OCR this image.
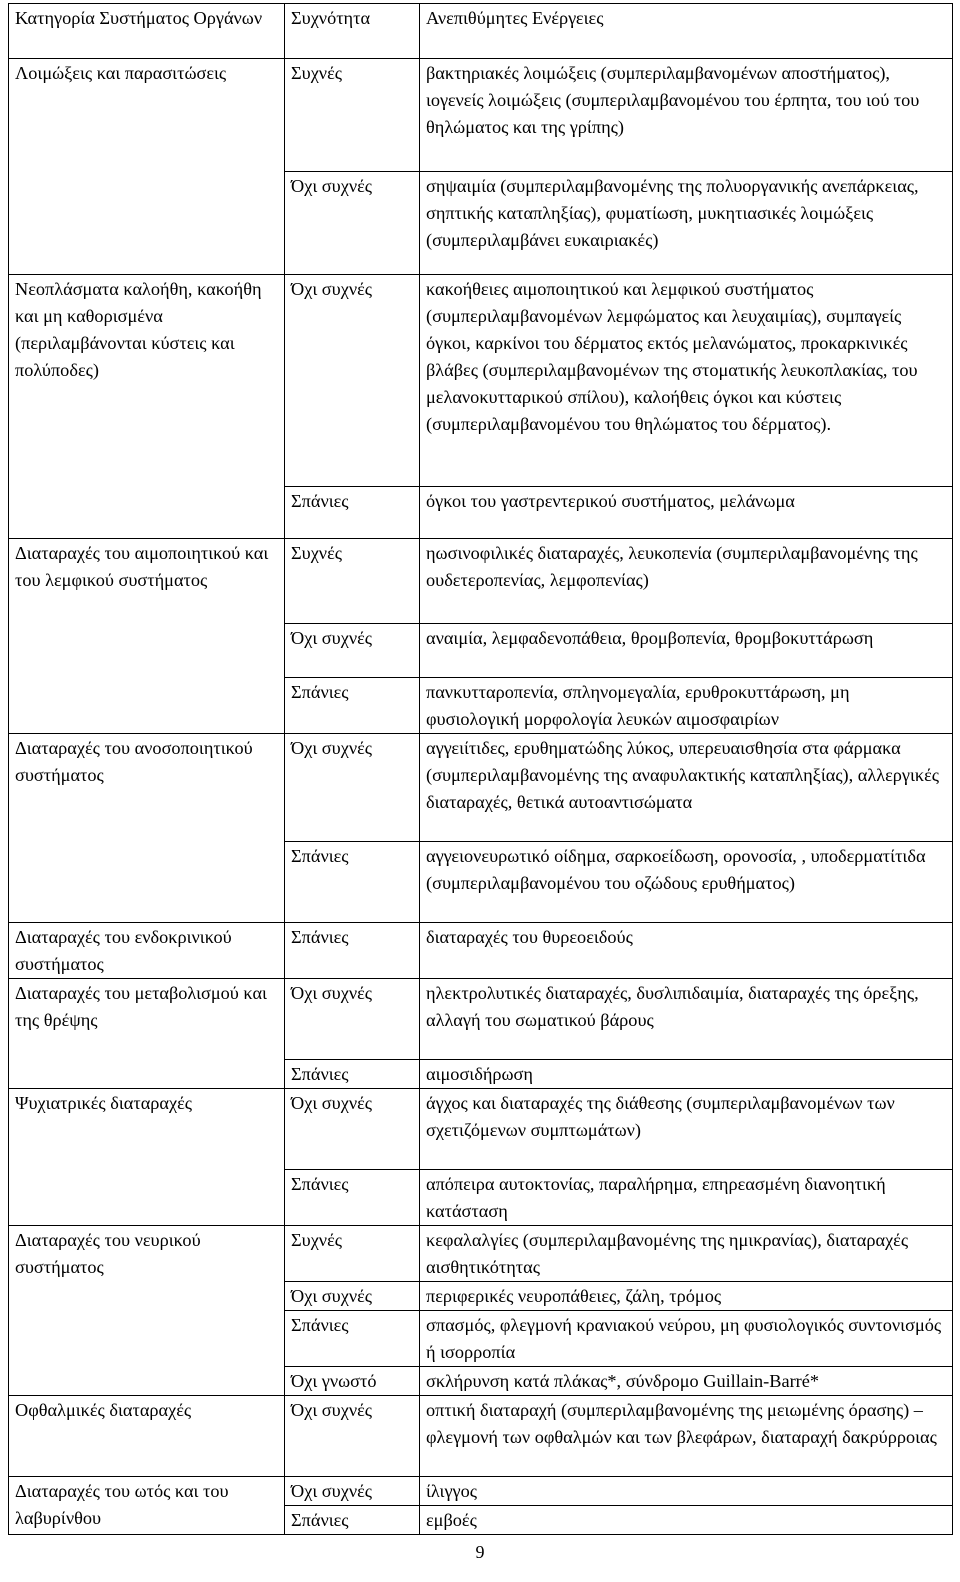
Κατηγορία Συστήματος Οργάνων	Συχνότητα	Ανεπιθύμητες Ενέργειες
Λοιμώξεις και παρασιτώσεις	Συχνές	βακτηριακές λοιμώξεις (συμπεριλαμβανομένων αποστήματος), ιογενείς λοιμώξεις (συμπεριλαμβανομένου του έρπητα, του ιού του θηλώματος και της γρίπης)
	Όχι συχνές	σηψαιμία (συμπεριλαμβανομένης της πολυοργανικής ανεπάρκειας, σηπτικής καταπληξίας), φυματίωση, μυκητιασικές λοιμώξεις (συμπεριλαμβάνει ευκαιριακές)
Νεοπλάσματα καλοήθη, κακοήθη και μη καθορισμένα (περιλαμβάνονται κύστεις και πολύποδες)	Όχι συχνές	κακοήθειες αιμοποιητικού και λεμφικού συστήματος (συμπεριλαμβανομένων λεμφώματος και λευχαιμίας), συμπαγείς όγκοι, καρκίνοι του δέρματος εκτός μελανώματος, προκαρκινικές βλάβες (συμπεριλαμβανομένων της στοματικής λευκοπλακίας, του μελανοκυτταρικού σπίλου), καλοήθεις όγκοι και κύστεις (συμπεριλαμβανομένου του θηλώματος του δέρματος).
	Σπάνιες	όγκοι του γαστρεντερικού συστήματος, μελάνωμα
Διαταραχές του αιμοποιητικού και του λεμφικού συστήματος	Συχνές	ηωσινοφιλικές διαταραχές, λευκοπενία (συμπεριλαμβανομένης της ουδετεροπενίας, λεμφοπενίας)
	Όχι συχνές	αναιμία, λεμφαδενοπάθεια, θρομβοπενία, θρομβοκυττάρωση
	Σπάνιες	πανκυτταροπενία, σπληνομεγαλία, ερυθροκυττάρωση, μη φυσιολογική μορφολογία λευκών αιμοσφαιρίων
Διαταραχές του ανοσοποιητικού συστήματος	Όχι συχνές	αγγειίτιδες, ερυθηματώδης λύκος, υπερευαισθησία στα φάρμακα (συμπεριλαμβανομένης της αναφυλακτικής καταπληξίας), αλλεργικές διαταραχές, θετικά αυτοαντισώματα
	Σπάνιες	αγγειονευρωτικό οίδημα, σαρκοείδωση, ορονοσία, , υποδερματίτιδα (συμπεριλαμβανομένου του οζώδους ερυθήματος)
Διαταραχές του ενδοκρινικού συστήματος	Σπάνιες	διαταραχές του θυρεοειδούς
Διαταραχές του μεταβολισμού και της θρέψης	Όχι συχνές	ηλεκτρολυτικές διαταραχές, δυσλιπιδαιμία, διαταραχές της όρεξης, αλλαγή του σωματικού βάρους
	Σπάνιες	αιμοσιδήρωση
Ψυχιατρικές διαταραχές	Όχι συχνές	άγχος και διαταραχές της διάθεσης (συμπεριλαμβανομένων των σχετιζόμενων συμπτωμάτων)
	Σπάνιες	απόπειρα αυτοκτονίας, παραλήρημα, επηρεασμένη διανοητική κατάσταση
Διαταραχές του νευρικού συστήματος	Συχνές	κεφαλαλγίες (συμπεριλαμβανομένης της ημικρανίας), διαταραχές αισθητικότητας
	Όχι συχνές	περιφερικές νευροπάθειες, ζάλη, τρόμος
	Σπάνιες	σπασμός, φλεγμονή κρανιακού νεύρου, μη φυσιολογικός συντονισμός ή ισορροπία
	Όχι γνωστό	σκλήρυνση κατά πλάκας*, σύνδρομο Guillain-Barré*
Οφθαλμικές διαταραχές	Όχι συχνές	οπτική διαταραχή (συμπεριλαμβανομένης της μειωμένης όρασης) – φλεγμονή των οφθαλμών και των βλεφάρων, διαταραχή δακρύρροιας
Διαταραχές του ωτός και του λαβυρίνθου	Όχι συχνές	ίλιγγος
	Σπάνιες	εμβοές
9
